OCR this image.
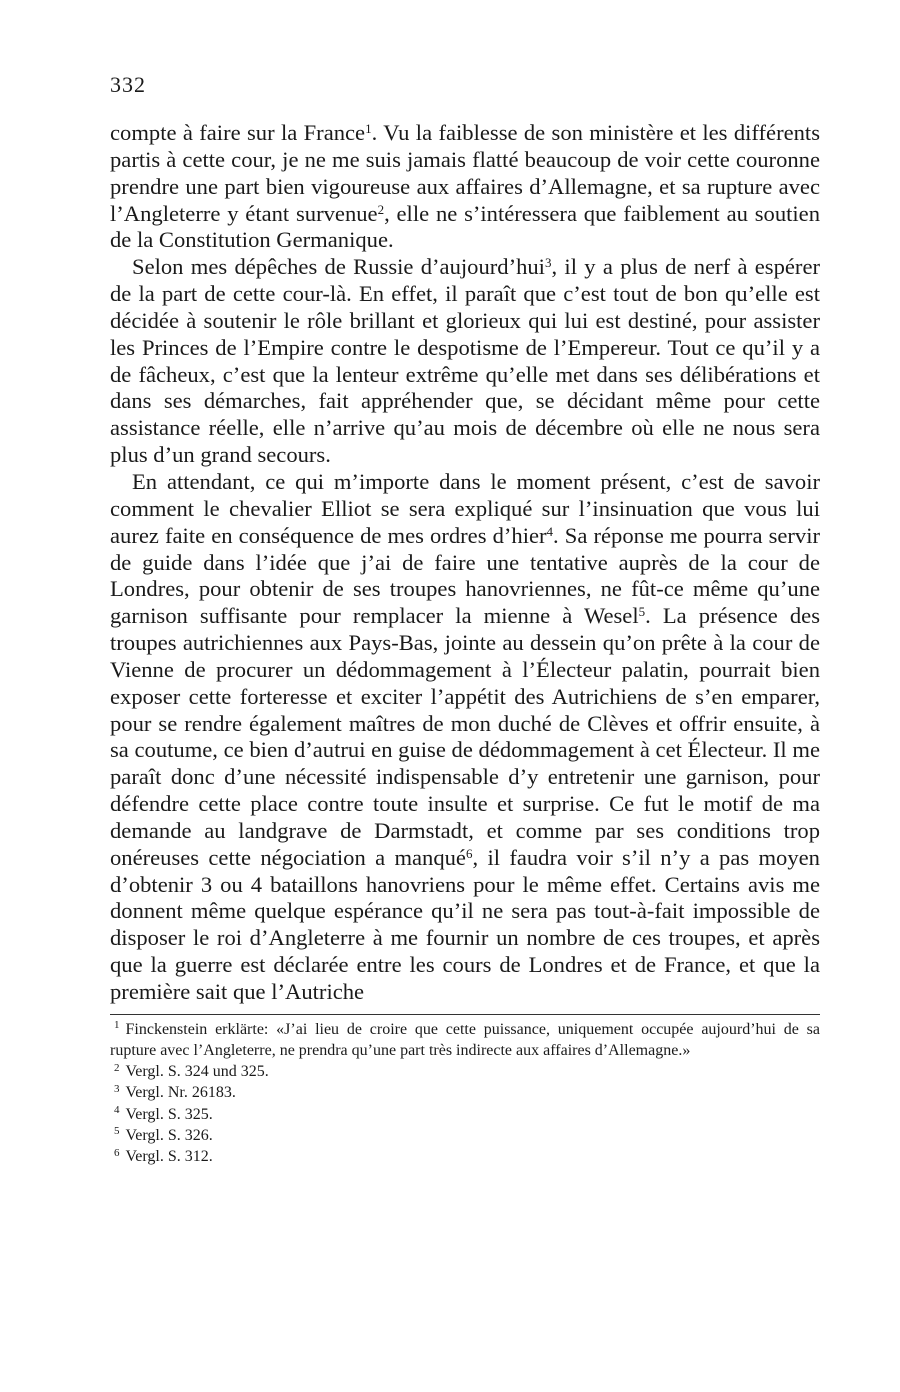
332

compte à faire sur la France$^1$. Vu la faiblesse de son ministère et les différents partis à cette cour, je ne me suis jamais flatté beaucoup de voir cette couronne prendre une part bien vigoureuse aux affaires d’Allemagne, et sa rupture avec l’Angleterre y étant survenue$^2$, elle ne s’intéressera que faiblement au soutien de la Constitution Germanique.

Selon mes dépêches de Russie d’aujourd’hui$^3$, il y a plus de nerf à espérer de la part de cette cour-là. En effet, il paraît que c’est tout de bon qu’elle est décidée à soutenir le rôle brillant et glorieux qui lui est destiné, pour assister les Princes de l’Empire contre le despotisme de l’Empereur. Tout ce qu’il y a de fâcheux, c’est que la lenteur extrême qu’elle met dans ses délibérations et dans ses démarches, fait appréhender que, se décidant même pour cette assistance réelle, elle n’arrive qu’au mois de décembre où elle ne nous sera plus d’un grand secours.

En attendant, ce qui m’importe dans le moment présent, c’est de savoir comment le chevalier Elliot se sera expliqué sur l’insinuation que vous lui aurez faite en conséquence de mes ordres d’hier$^4$. Sa réponse me pourra servir de guide dans l’idée que j’ai de faire une tentative auprès de la cour de Londres, pour obtenir de ses troupes hanovriennes, ne fût-ce même qu’une garnison suffisante pour remplacer la mienne à Wesel$^5$. La présence des troupes autrichiennes aux Pays-Bas, jointe au dessein qu’on prête à la cour de Vienne de procurer un dédommagement à l’Électeur palatin, pourrait bien exposer cette forteresse et exciter l’appétit des Autrichiens de s’en emparer, pour se rendre également maîtres de mon duché de Clèves et offrir ensuite, à sa coutume, ce bien d’autrui en guise de dédommagement à cet Électeur. Il me paraît donc d’une nécessité indispensable d’y entretenir une garnison, pour défendre cette place contre toute insulte et surprise. Ce fut le motif de ma demande au landgrave de Darmstadt, et comme par ses conditions trop onéreuses cette négociation a manqué$^6$, il faudra voir s’il n’y a pas moyen d’obtenir 3 ou 4 bataillons hanovriens pour le même effet. Certains avis me donnent même quelque espérance qu’il ne sera pas tout-à-fait impossible de disposer le roi d’Angleterre à me fournir un nombre de ces troupes, et après que la guerre est déclarée entre les cours de Londres et de France, et que la première sait que l’Autriche

$^1$ Finckenstein erklärte: «J’ai lieu de croire que cette puissance, uniquement occupée aujourd’hui de sa rupture avec l’Angleterre, ne prendra qu’une part très indirecte aux affaires d’Allemagne.»

$^2$ Vergl. S. 324 und 325.

$^3$ Vergl. Nr. 26183.

$^4$ Vergl. S. 325.

$^5$ Vergl. S. 326.

$^6$ Vergl. S. 312.
